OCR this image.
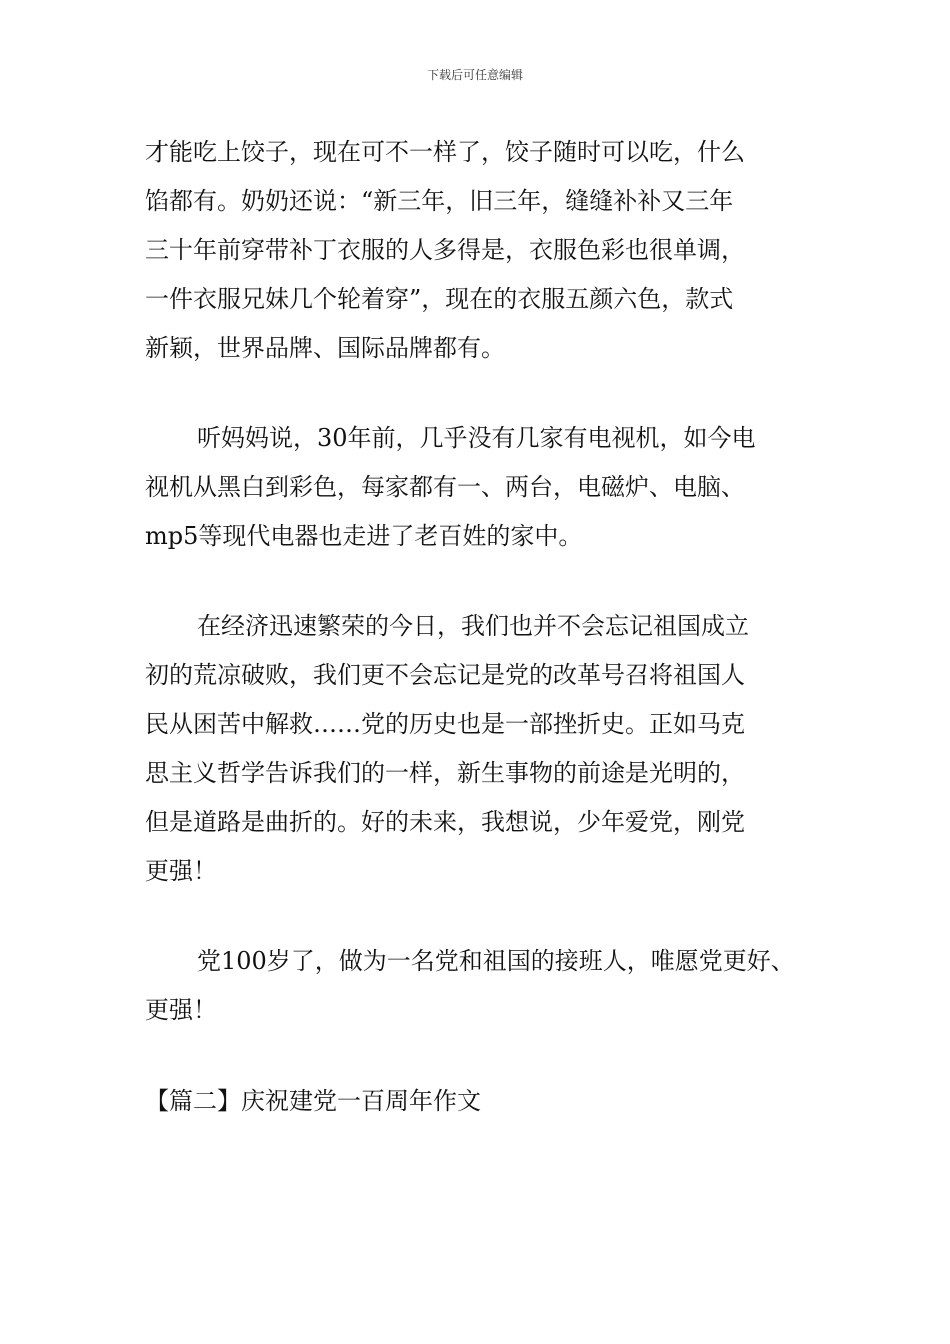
下载后可任意编辑
才能吃上饺子，现在可不一样了，饺子随时可以吃，什么
馅都有。奶奶还说：“新三年，旧三年，缝缝补补又三年
三十年前穿带补丁衣服的人多得是，衣服色彩也很单调，
一件衣服兄妹几个轮着穿”，现在的衣服五颜六色，款式
新颖，世界品牌、国际品牌都有。
听妈妈说，30年前，几乎没有几家有电视机，如今电
视机从黑白到彩色，每家都有一、两台，电磁炉、电脑、
mp5等现代电器也走进了老百姓的家中。
在经济迅速繁荣的今日，我们也并不会忘记祖国成立
初的荒凉破败，我们更不会忘记是党的改革号召将祖国人
民从困苦中解救……党的历史也是一部挫折史。正如马克
思主义哲学告诉我们的一样，新生事物的前途是光明的，
但是道路是曲折的。好的未来，我想说，少年爱党，刚党
更强！
党100岁了，做为一名党和祖国的接班人，唯愿党更好、
更强！
【篇二】庆祝建党一百周年作文
